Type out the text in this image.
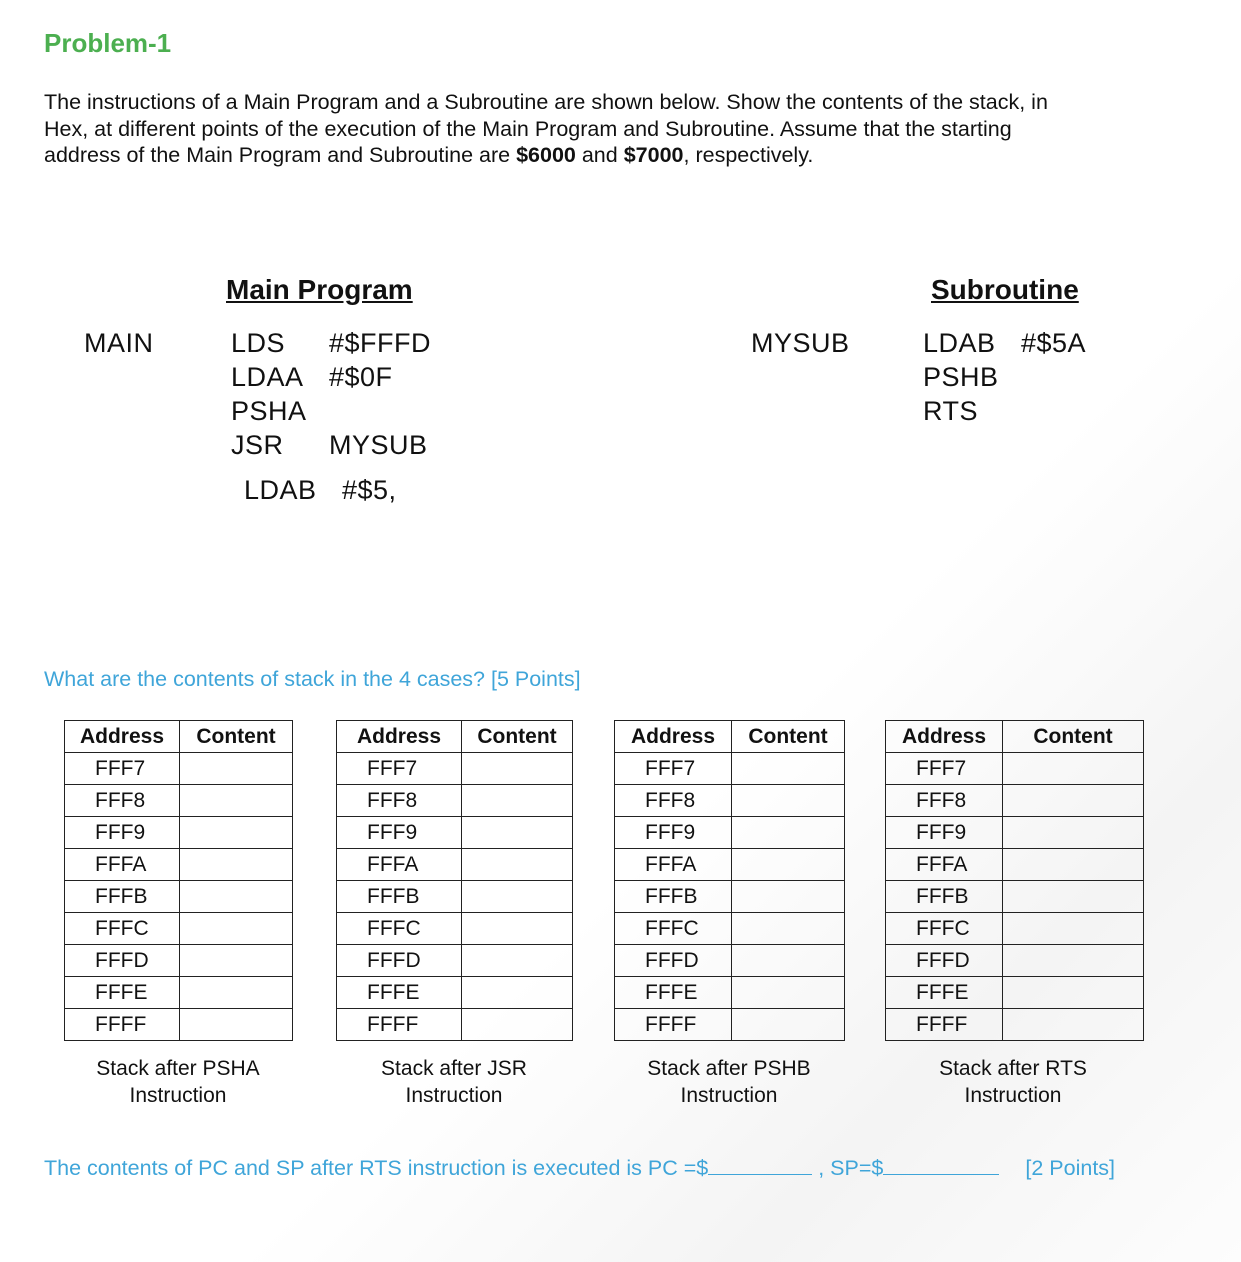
Problem-1
The instructions of a Main Program and a Subroutine are shown below. Show the contents of the stack, in Hex, at different points of the execution of the Main Program and Subroutine. Assume that the starting address of the Main Program and Subroutine are $6000 and $7000, respectively.
Main Program
MAIN	LDS	#$FFFD
LDAA #$0F
PSHA
JSR	MYSUB
LDAB #$5,
Subroutine
MYSUB	LDAB #$5A
PSHB
RTS
What are the contents of stack in the 4 cases? [5 Points]
Address	Content
FFF7	
FFF8	
FFF9	
FFFA	
FFFB	
FFFC	
FFFD	
FFFE	
FFFF	
Stack after PSHA
Instruction
Address	Content
FFF7	
FFF8	
FFF9	
FFFA	
FFFB	
FFFC	
FFFD	
FFFE	
FFFF	
Stack after JSR
Instruction
Address	Content
FFF7	
FFF8	
FFF9	
FFFA	
FFFB	
FFFC	
FFFD	
FFFE	
FFFF	
Stack after PSHB
Instruction
Address	Content
FFF7	
FFF8	
FFF9	
FFFA	
FFFB	
FFFC	
FFFD	
FFFE	
FFFF	
Stack after RTS
Instruction
The contents of PC and SP after RTS instruction is executed is PC =$	, SP=$	[2 Points]
